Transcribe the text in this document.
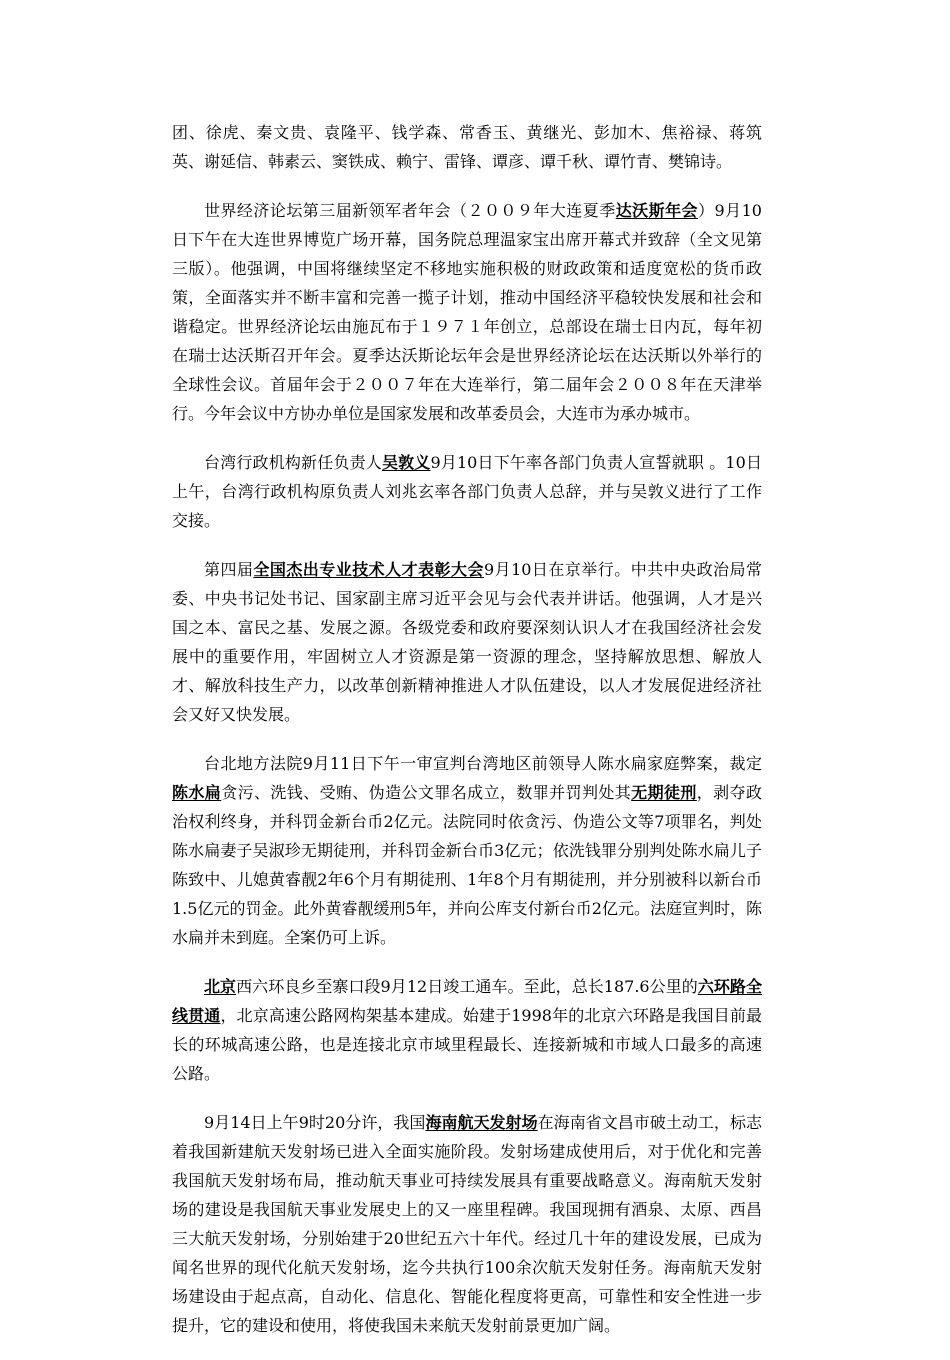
团、徐虎、秦文贵、袁隆平、钱学森、常香玉、黄继光、彭加木、焦裕禄、蒋筑英、谢延信、韩素云、窦铁成、赖宁、雷锋、谭彦、谭千秋、谭竹青、樊锦诗。

世界经济论坛第三届新领军者年会（２００９年大连夏季达沃斯年会）9月10日下午在大连世界博览广场开幕，国务院总理温家宝出席开幕式并致辞（全文见第三版）。他强调，中国将继续坚定不移地实施积极的财政政策和适度宽松的货币政策，全面落实并不断丰富和完善一揽子计划，推动中国经济平稳较快发展和社会和谐稳定。世界经济论坛由施瓦布于１９７１年创立，总部设在瑞士日内瓦，每年初在瑞士达沃斯召开年会。夏季达沃斯论坛年会是世界经济论坛在达沃斯以外举行的全球性会议。首届年会于２００７年在大连举行，第二届年会２００８年在天津举行。今年会议中方协办单位是国家发展和改革委员会，大连市为承办城市。

台湾行政机构新任负责人吴敦义9月10日下午率各部门负责人宣誓就职 。10日上午，台湾行政机构原负责人刘兆玄率各部门负责人总辞，并与吴敦义进行了工作交接。

第四届全国杰出专业技术人才表彰大会9月10日在京举行。中共中央政治局常委、中央书记处书记、国家副主席习近平会见与会代表并讲话。他强调，人才是兴国之本、富民之基、发展之源。各级党委和政府要深刻认识人才在我国经济社会发展中的重要作用，牢固树立人才资源是第一资源的理念，坚持解放思想、解放人才、解放科技生产力，以改革创新精神推进人才队伍建设，以人才发展促进经济社会又好又快发展。

台北地方法院9月11日下午一审宣判台湾地区前领导人陈水扁家庭弊案，裁定陈水扁贪污、洗钱、受贿、伪造公文罪名成立，数罪并罚判处其无期徒刑，剥夺政治权利终身，并科罚金新台币2亿元。法院同时依贪污、伪造公文等7项罪名，判处陈水扁妻子吴淑珍无期徒刑，并科罚金新台币3亿元；依洗钱罪分别判处陈水扁儿子陈致中、儿媳黄睿靓2年6个月有期徒刑、1年8个月有期徒刑，并分别被科以新台币1.5亿元的罚金。此外黄睿靓缓刑5年，并向公库支付新台币2亿元。法庭宣判时，陈水扁并未到庭。全案仍可上诉。

北京西六环良乡至寨口段9月12日竣工通车。至此，总长187.6公里的六环路全线贯通，北京高速公路网构架基本建成。始建于1998年的北京六环路是我国目前最长的环城高速公路，也是连接北京市域里程最长、连接新城和市域人口最多的高速公路。

9月14日上午9时20分许，我国海南航天发射场在海南省文昌市破土动工，标志着我国新建航天发射场已进入全面实施阶段。发射场建成使用后，对于优化和完善我国航天发射场布局，推动航天事业可持续发展具有重要战略意义。海南航天发射场的建设是我国航天事业发展史上的又一座里程碑。我国现拥有酒泉、太原、西昌三大航天发射场，分别始建于20世纪五六十年代。经过几十年的建设发展，已成为闻名世界的现代化航天发射场，迄今共执行100余次航天发射任务。海南航天发射场建设由于起点高，自动化、信息化、智能化程度将更高，可靠性和安全性进一步提升，它的建设和使用，将使我国未来航天发射前景更加广阔。
